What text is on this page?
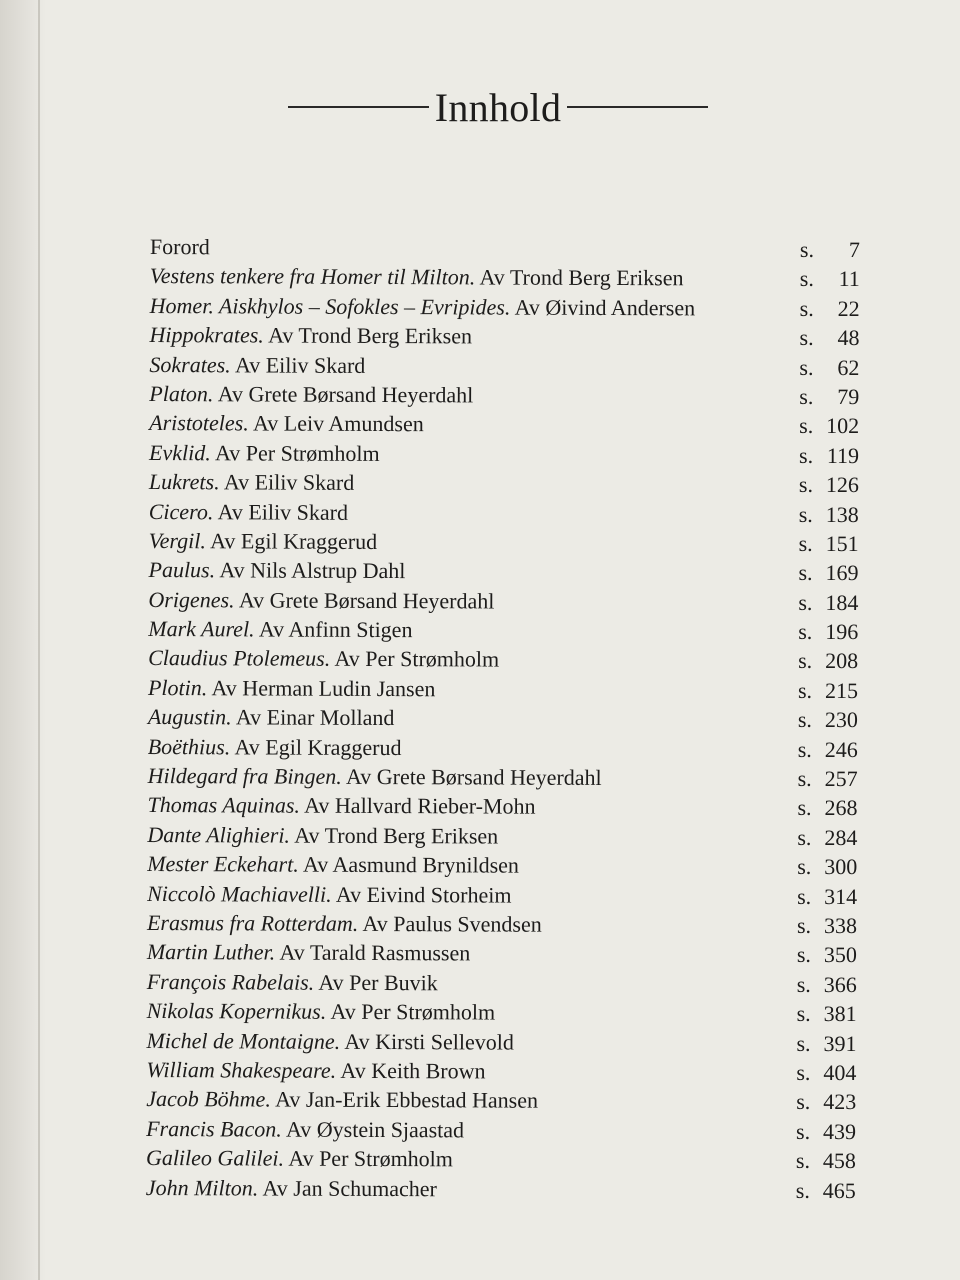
Innhold
Forord	s. 7
Vestens tenkere fra Homer til Milton. Av Trond Berg Eriksen	s. 11
Homer. Aiskhylos – Sofokles – Evripides. Av Øivind Andersen	s. 22
Hippokrates. Av Trond Berg Eriksen	s. 48
Sokrates. Av Eiliv Skard	s. 62
Platon. Av Grete Børsand Heyerdahl	s. 79
Aristoteles. Av Leiv Amundsen	s. 102
Evklid. Av Per Strømholm	s. 119
Lukrets. Av Eiliv Skard	s. 126
Cicero. Av Eiliv Skard	s. 138
Vergil. Av Egil Kraggerud	s. 151
Paulus. Av Nils Alstrup Dahl	s. 169
Origenes. Av Grete Børsand Heyerdahl	s. 184
Mark Aurel. Av Anfinn Stigen	s. 196
Claudius Ptolemeus. Av Per Strømholm	s. 208
Plotin. Av Herman Ludin Jansen	s. 215
Augustin. Av Einar Molland	s. 230
Boëthius. Av Egil Kraggerud	s. 246
Hildegard fra Bingen. Av Grete Børsand Heyerdahl	s. 257
Thomas Aquinas. Av Hallvard Rieber-Mohn	s. 268
Dante Alighieri. Av Trond Berg Eriksen	s. 284
Mester Eckehart. Av Aasmund Brynildsen	s. 300
Niccolò Machiavelli. Av Eivind Storheim	s. 314
Erasmus fra Rotterdam. Av Paulus Svendsen	s. 338
Martin Luther. Av Tarald Rasmussen	s. 350
François Rabelais. Av Per Buvik	s. 366
Nikolas Kopernikus. Av Per Strømholm	s. 381
Michel de Montaigne. Av Kirsti Sellevold	s. 391
William Shakespeare. Av Keith Brown	s. 404
Jacob Böhme. Av Jan-Erik Ebbestad Hansen	s. 423
Francis Bacon. Av Øystein Sjaastad	s. 439
Galileo Galilei. Av Per Strømholm	s. 458
John Milton. Av Jan Schumacher	s. 465
